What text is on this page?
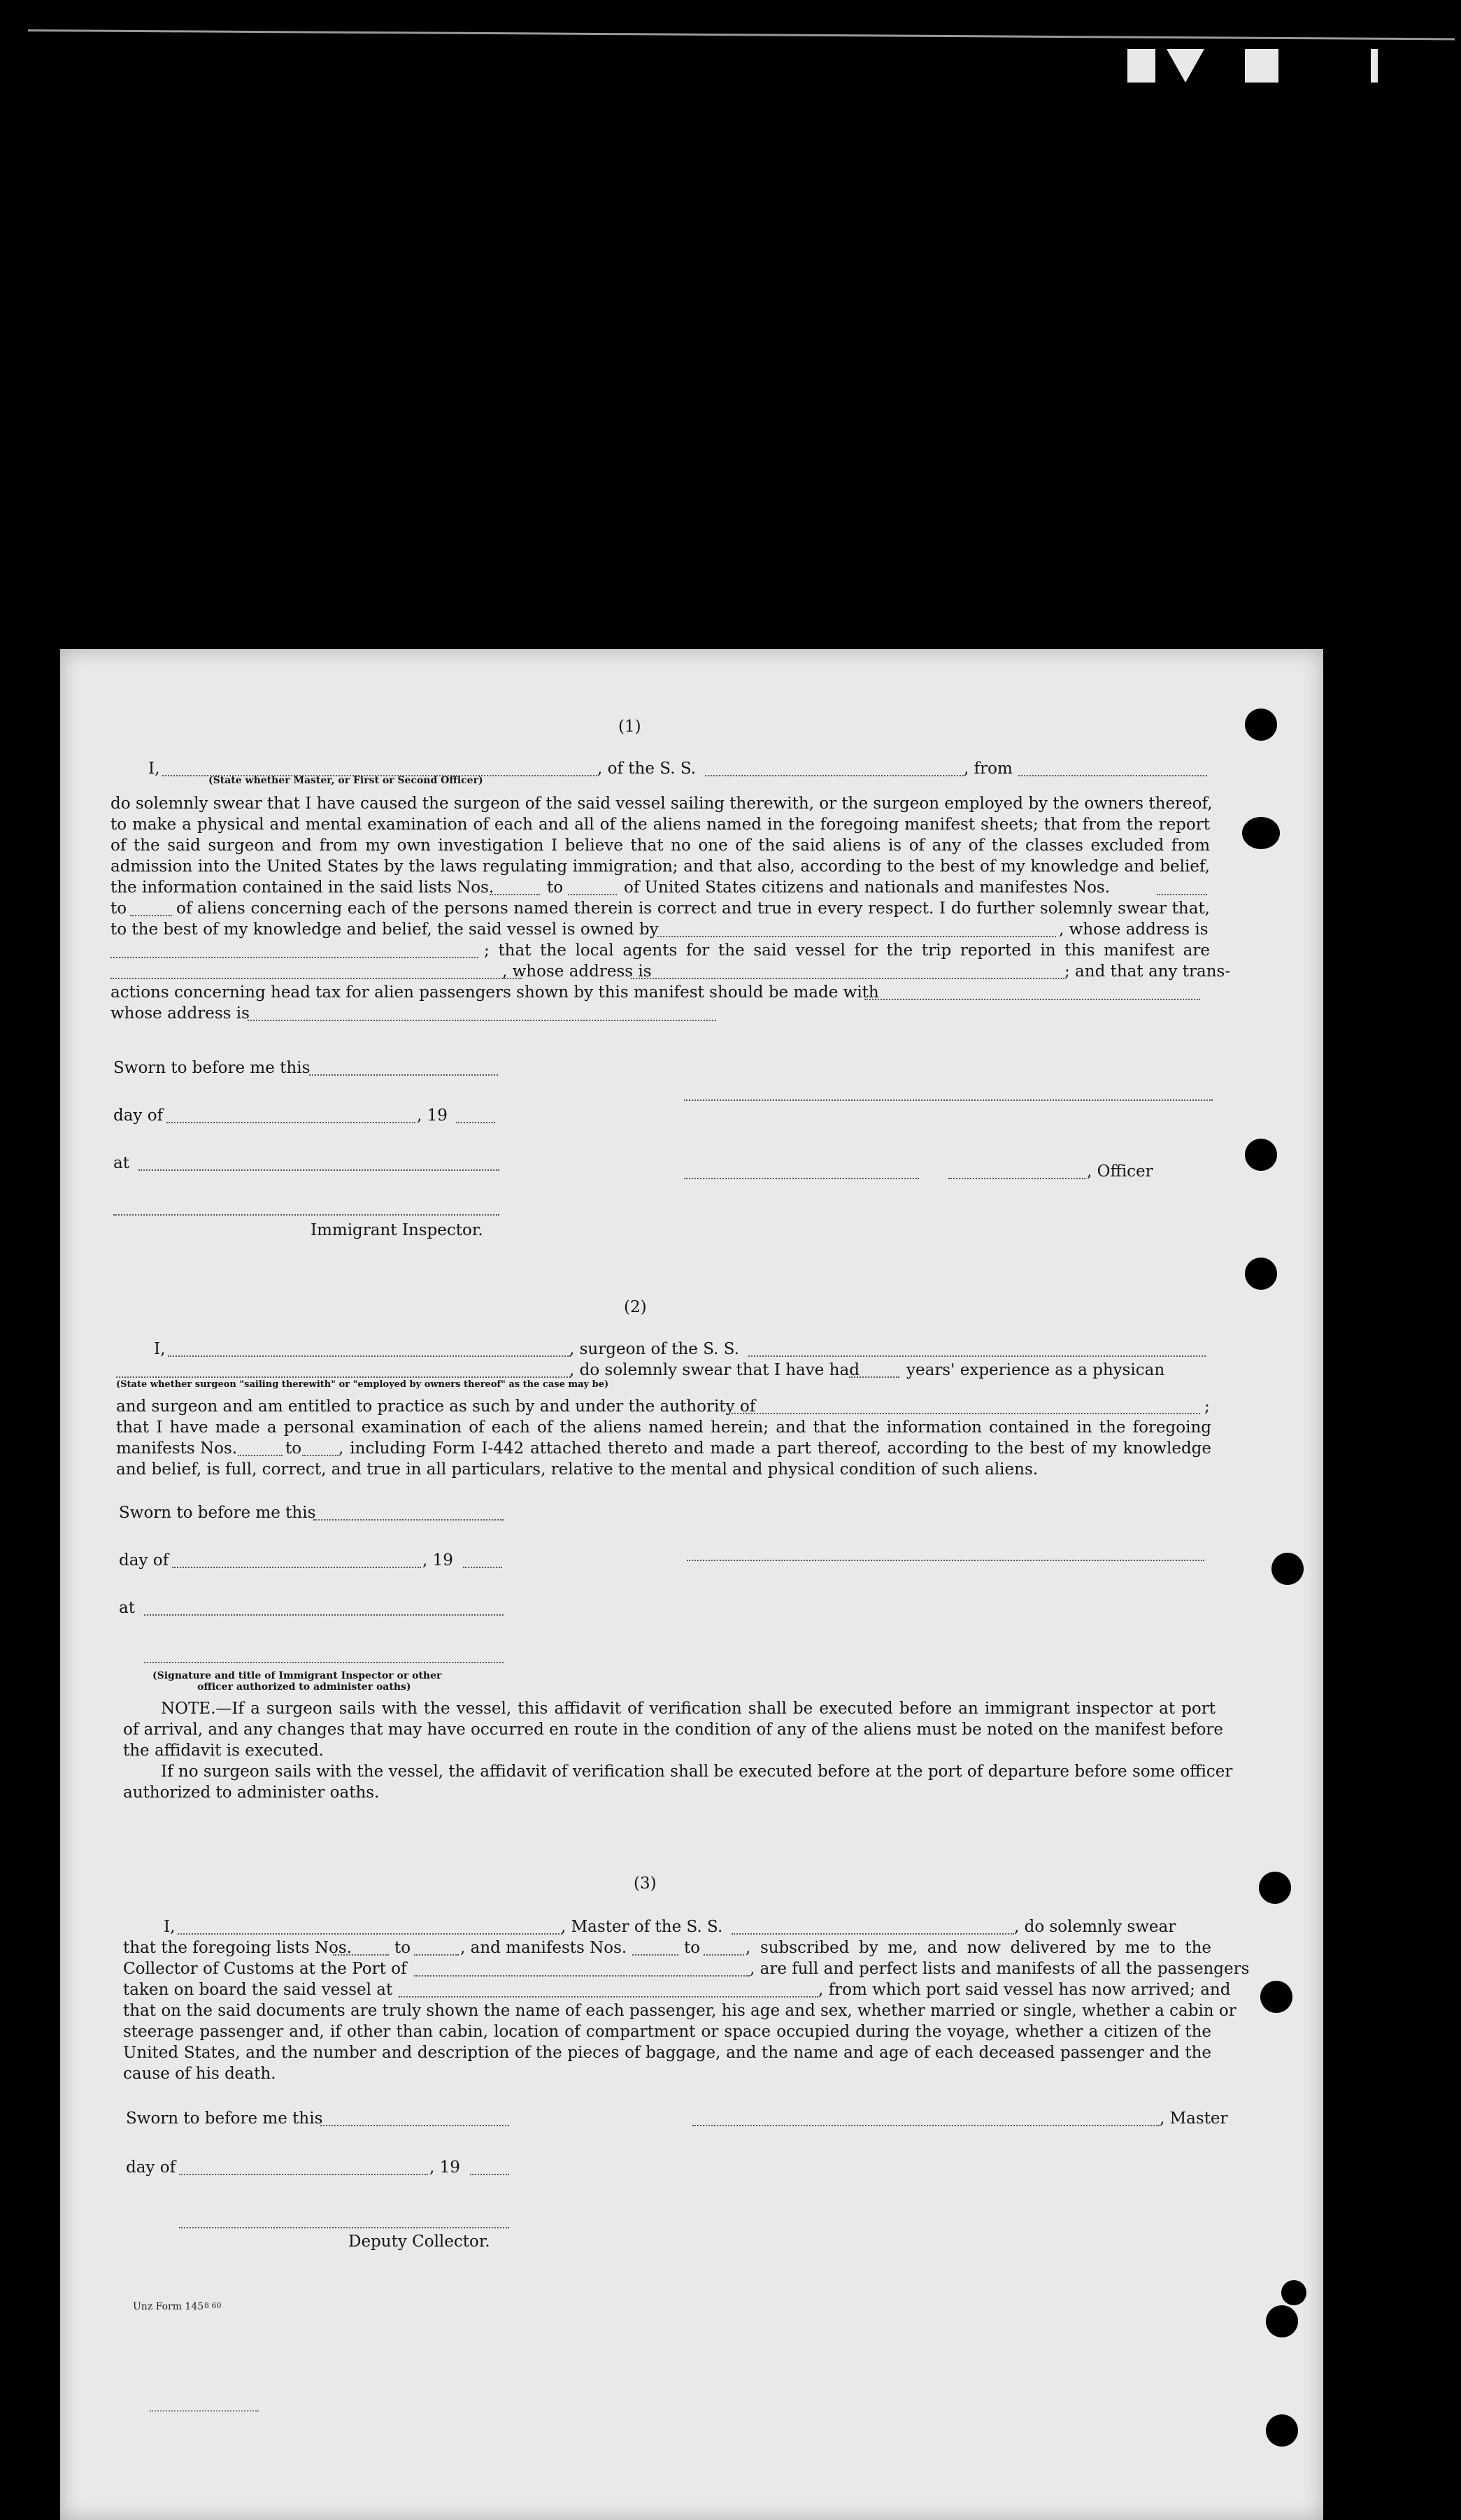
(1)
I,	, of the S. S.	, from
(State whether Master, or First or Second Officer)
do solemnly swear that I have caused the surgeon of the said vessel sailing therewith, or the surgeon employed by the owners thereof,
to make a physical and mental examination of each and all of the aliens named in the foregoing manifest sheets; that from the report
of the said surgeon and from my own investigation I believe that no one of the said aliens is of any of the classes excluded from
admission into the United States by the laws regulating immigration; and that also, according to the best of my knowledge and belief,
the information contained in the said lists Nos.	to	of United States citizens and nationals and manifestes Nos.
to	of aliens concerning each of the persons named therein is correct and true in every respect. I do further solemnly swear that,
to the best of my knowledge and belief, the said vessel is owned by	, whose address is
; that the local agents for the said vessel for the trip reported in this manifest are
, whose address is	; and that any trans-
actions concerning head tax for alien passengers shown by this manifest should be made with
whose address is
Sworn to before me this
day of	, 19
at	, Officer
Immigrant Inspector.
(2)
I,	, surgeon of the S. S.
, do solemnly swear that I have had	years' experience as a physican
(State whether surgeon "sailing therewith" or "employed by owners thereof" as the case may be)
and surgeon and am entitled to practice as such by and under the authority of	;
that I have made a personal examination of each of the aliens named herein; and that the information contained in the foregoing
manifests Nos.	to , including Form I-442 attached thereto and made a part thereof, according to the best of my knowledge
and belief, is full, correct, and true in all particulars, relative to the mental and physical condition of such aliens.
Sworn to before me this
day of	, 19
at
(Signature and title of Immigrant Inspector or other
officer authorized to administer oaths)
NOTE.—If a surgeon sails with the vessel, this affidavit of verification shall be executed before an immigrant inspector at port
of arrival, and any changes that may have occurred en route in the condition of any of the aliens must be noted on the manifest before
the affidavit is executed.
If no surgeon sails with the vessel, the affidavit of verification shall be executed before at the port of departure before some officer
authorized to administer oaths.
(3)
I,	, Master of the S. S.	, do solemnly swear
that the foregoing lists Nos.	to	, and manifests Nos.	to	, subscribed by me, and now delivered by me to the
Collector of Customs at the Port of	, are full and perfect lists and manifests of all the passengers
taken on board the said vessel at	, from which port said vessel has now arrived; and
that on the said documents are truly shown the name of each passenger, his age and sex, whether married or single, whether a cabin or
steerage passenger and, if other than cabin, location of compartment or space occupied during the voyage, whether a citizen of the
United States, and the number and description of the pieces of baggage, and the name and age of each deceased passenger and the
cause of his death.
Sworn to before me this	, Master
day of	, 19
Deputy Collector.
Unz Form 145 8 60
